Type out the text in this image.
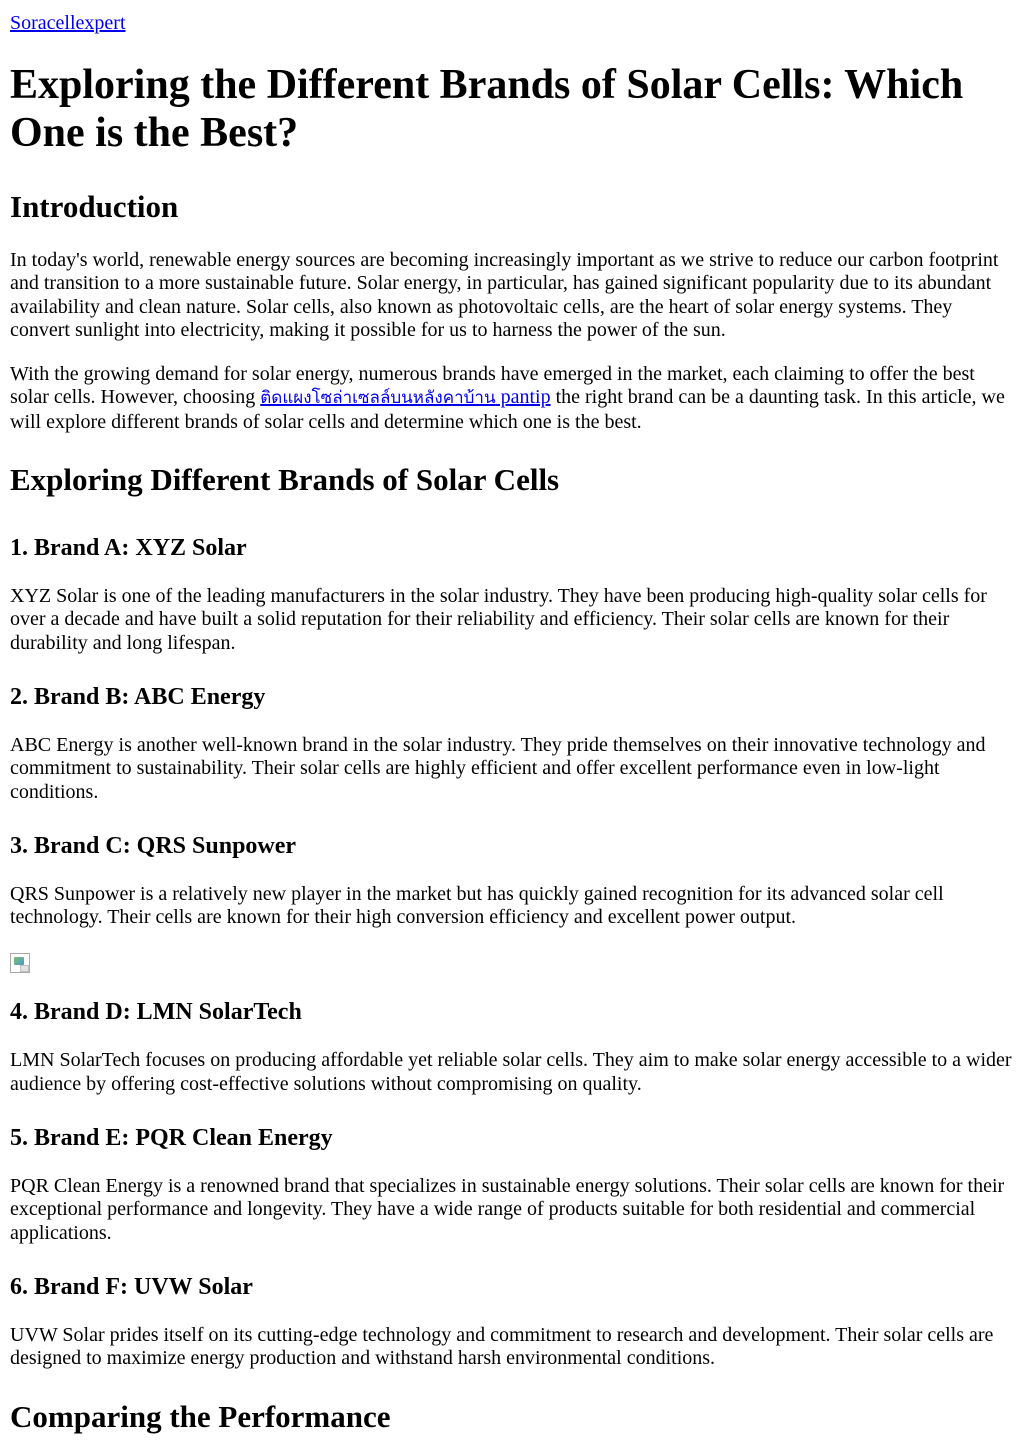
Soracellexpert
Exploring the Different Brands of Solar Cells: Which One is the Best?
Introduction

In today's world, renewable energy sources are becoming increasingly important as we strive to reduce our carbon footprint and transition to a more sustainable future. Solar energy, in particular, has gained significant popularity due to its abundant availability and clean nature. Solar cells, also known as photovoltaic cells, are the heart of solar energy systems. They convert sunlight into electricity, making it possible for us to harness the power of the sun.

With the growing demand for solar energy, numerous brands have emerged in the market, each claiming to offer the best solar cells. However, choosing ติดแผงโซล่าเซลล์บนหลังคาบ้าน pantip the right brand can be a daunting task. In this article, we will explore different brands of solar cells and determine which one is the best.

Exploring Different Brands of Solar Cells
1. Brand A: XYZ Solar

XYZ Solar is one of the leading manufacturers in the solar industry. They have been producing high-quality solar cells for over a decade and have built a solid reputation for their reliability and efficiency. Their solar cells are known for their durability and long lifespan.

2. Brand B: ABC Energy

ABC Energy is another well-known brand in the solar industry. They pride themselves on their innovative technology and commitment to sustainability. Their solar cells are highly efficient and offer excellent performance even in low-light conditions.

3. Brand C: QRS Sunpower

QRS Sunpower is a relatively new player in the market but has quickly gained recognition for its advanced solar cell technology. Their cells are known for their high conversion efficiency and excellent power output.

4. Brand D: LMN SolarTech

LMN SolarTech focuses on producing affordable yet reliable solar cells. They aim to make solar energy accessible to a wider audience by offering cost-effective solutions without compromising on quality.

5. Brand E: PQR Clean Energy

PQR Clean Energy is a renowned brand that specializes in sustainable energy solutions. Their solar cells are known for their exceptional performance and longevity. They have a wide range of products suitable for both residential and commercial applications.

6. Brand F: UVW Solar

UVW Solar prides itself on its cutting-edge technology and commitment to research and development. Their solar cells are designed to maximize energy production and withstand harsh environmental conditions.

Comparing the Performance
